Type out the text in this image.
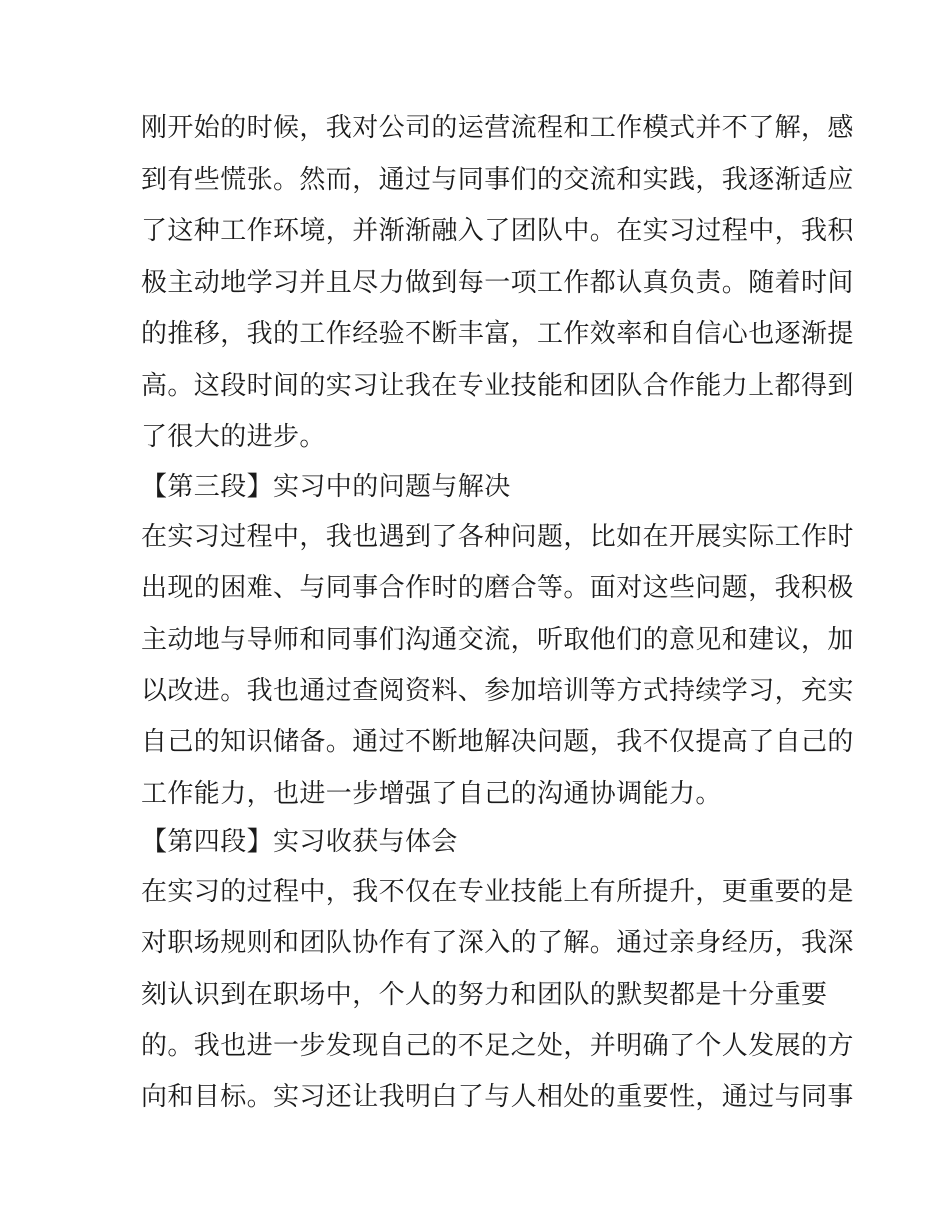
刚开始的时候，我对公司的运营流程和工作模式并不了解，感
到有些慌张。然而，通过与同事们的交流和实践，我逐渐适应
了这种工作环境，并渐渐融入了团队中。在实习过程中，我积
极主动地学习并且尽力做到每一项工作都认真负责。随着时间
的推移，我的工作经验不断丰富，工作效率和自信心也逐渐提
高。这段时间的实习让我在专业技能和团队合作能力上都得到
了很大的进步。
【第三段】实习中的问题与解决
在实习过程中，我也遇到了各种问题，比如在开展实际工作时
出现的困难、与同事合作时的磨合等。面对这些问题，我积极
主动地与导师和同事们沟通交流，听取他们的意见和建议，加
以改进。我也通过查阅资料、参加培训等方式持续学习，充实
自己的知识储备。通过不断地解决问题，我不仅提高了自己的
工作能力，也进一步增强了自己的沟通协调能力。
【第四段】实习收获与体会
在实习的过程中，我不仅在专业技能上有所提升，更重要的是
对职场规则和团队协作有了深入的了解。通过亲身经历，我深
刻认识到在职场中，个人的努力和团队的默契都是十分重要
的。我也进一步发现自己的不足之处，并明确了个人发展的方
向和目标。实习还让我明白了与人相处的重要性，通过与同事
